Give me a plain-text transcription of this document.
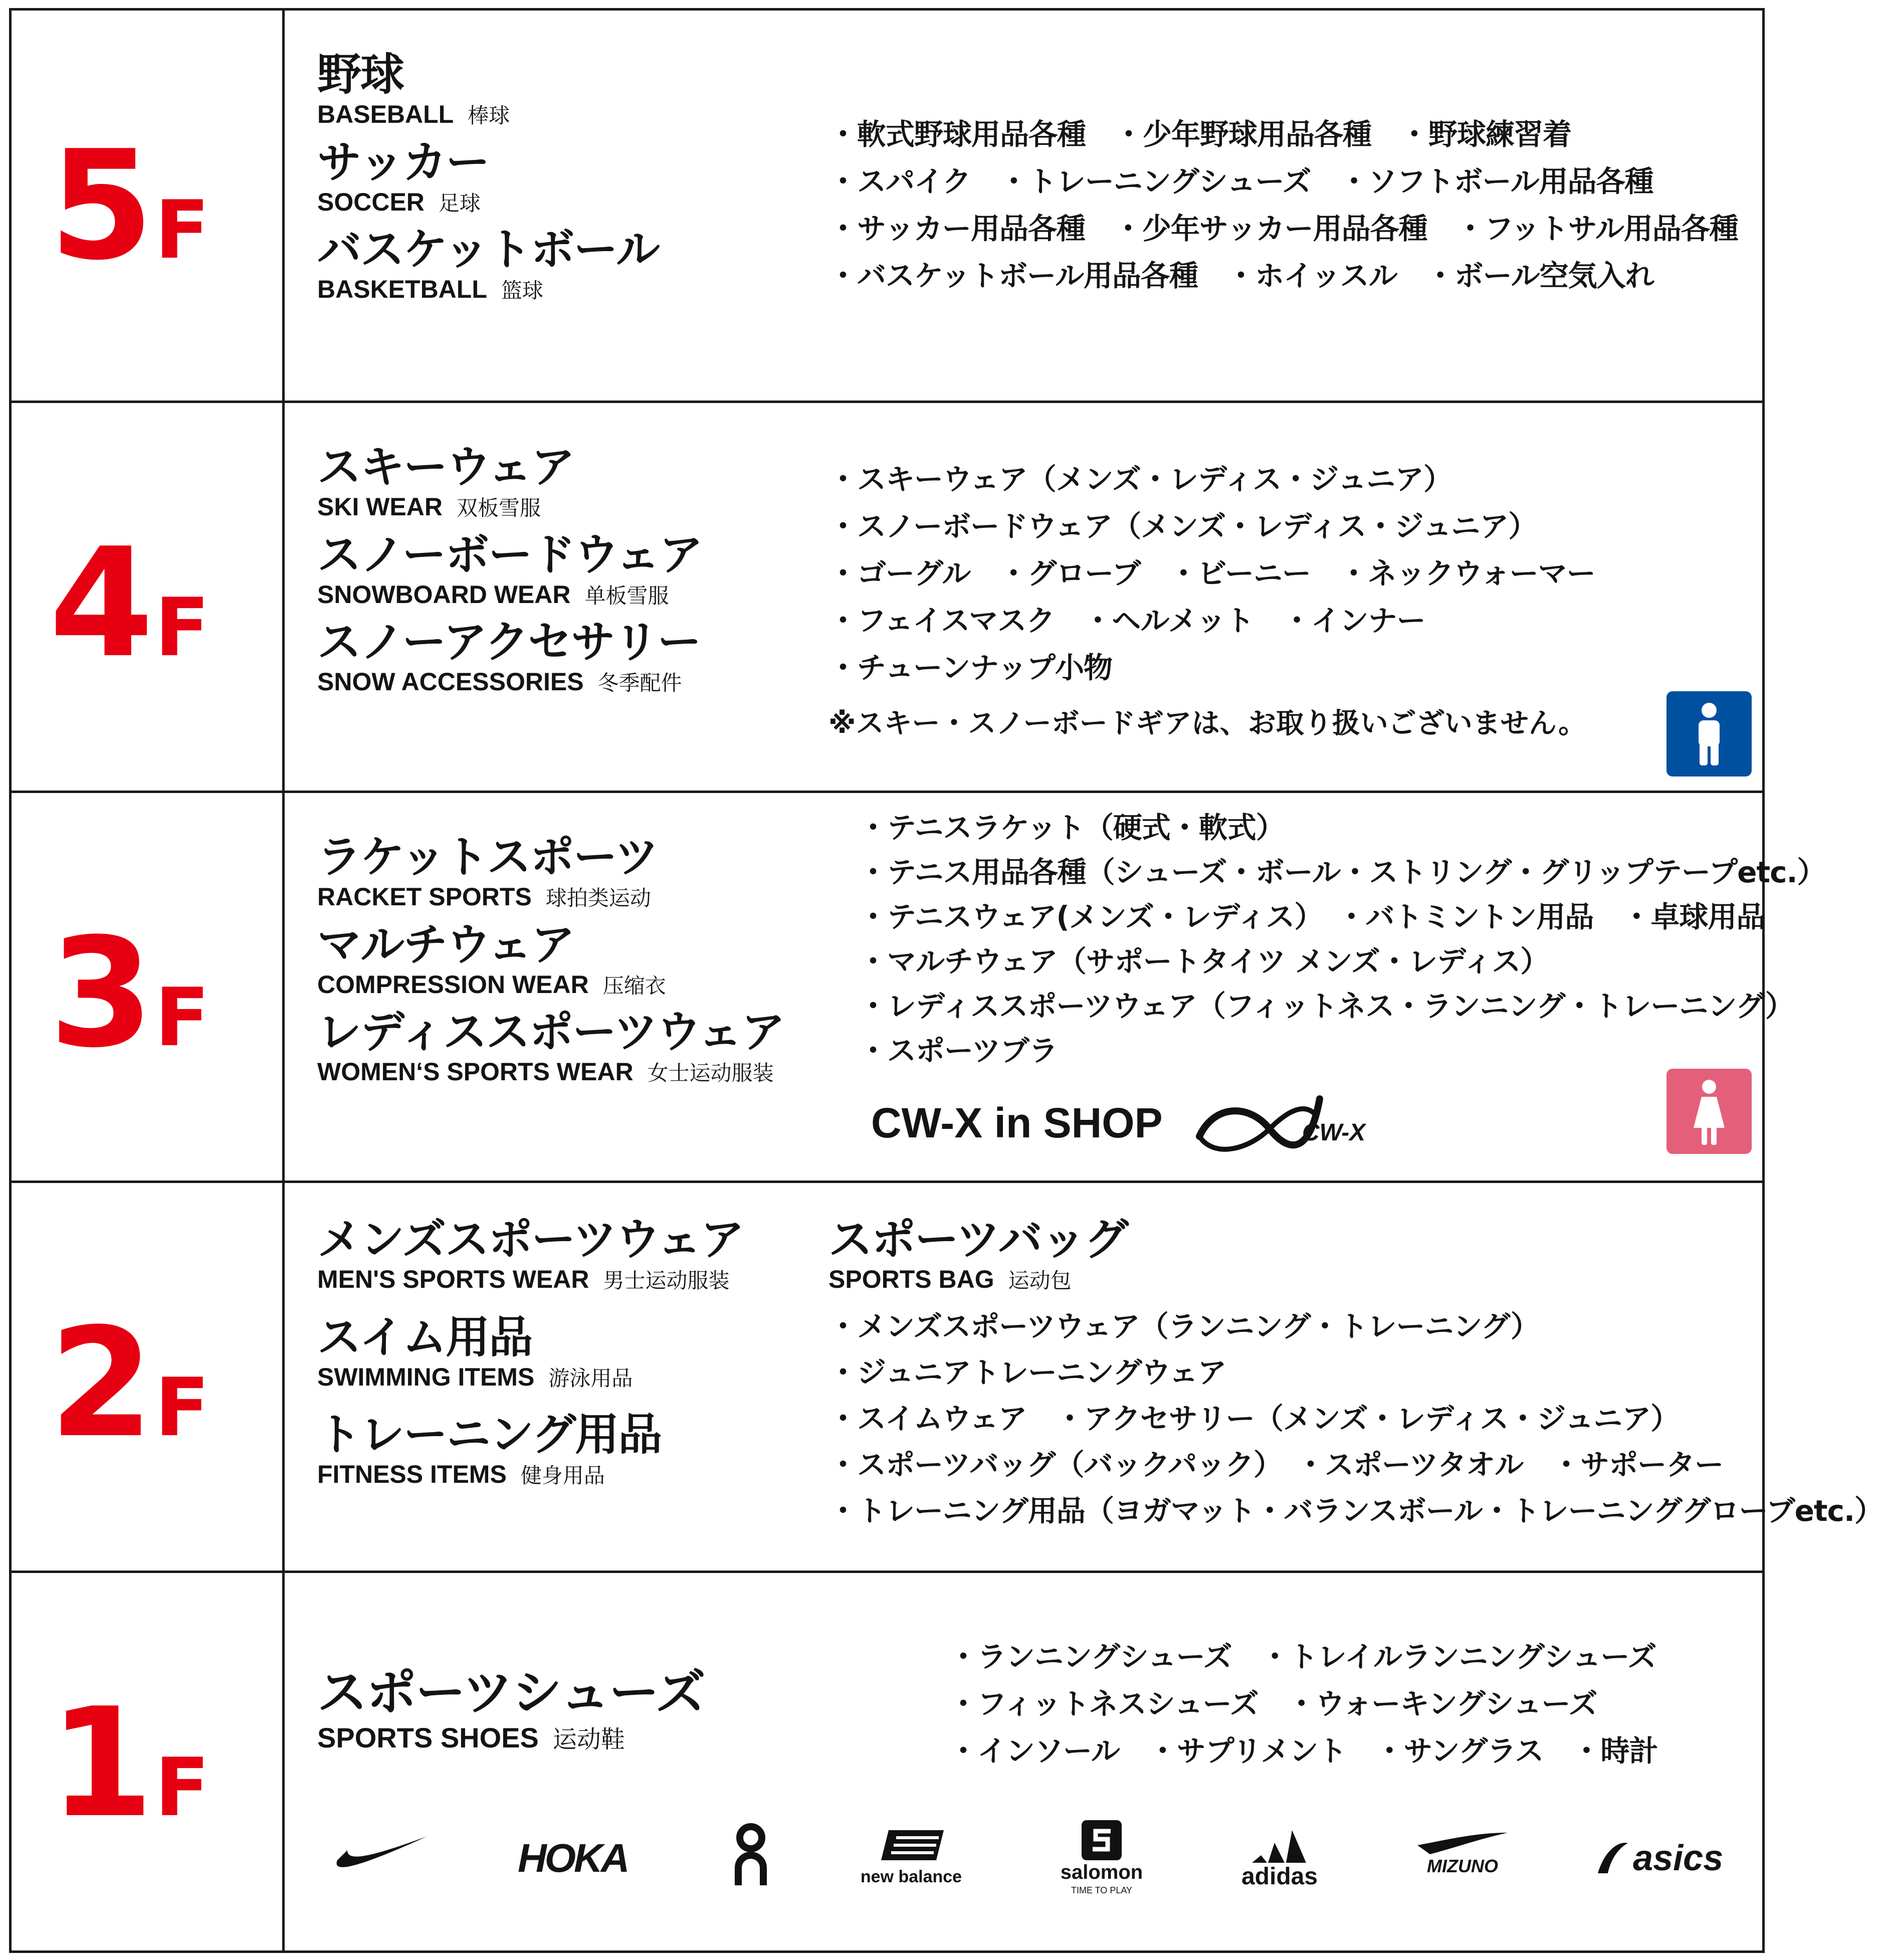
5F
野球
BASEBALL 棒球
サッカー
SOCCER 足球
バスケットボール
BASKETBALL 篮球
・軟式野球用品各種　・少年野球用品各種　・野球練習着
・スパイク　・トレーニングシューズ　・ソフトボール用品各種
・サッカー用品各種　・少年サッカー用品各種　・フットサル用品各種
・バスケットボール用品各種　・ホイッスル　・ボール空気入れ
4F
スキーウェア
SKI WEAR 双板雪服
スノーボードウェア
SNOWBOARD WEAR 单板雪服
スノーアクセサリー
SNOW ACCESSORIES 冬季配件
・スキーウェア（メンズ・レディス・ジュニア）
・スノーボードウェア（メンズ・レディス・ジュニア）
・ゴーグル　・グローブ　・ビーニー　・ネックウォーマー
・フェイスマスク　・ヘルメット　・インナー
・チューンナップ小物
※スキー・スノーボードギアは、お取り扱いございません。
3F
ラケットスポーツ
RACKET SPORTS 球拍类运动
マルチウェア
COMPRESSION WEAR 压缩衣
レディススポーツウェア
WOMEN‘S SPORTS WEAR 女士运动服装
・テニスラケット（硬式・軟式）
・テニス用品各種（シューズ・ボール・ストリング・グリップテープetc.）
・テニスウェア(メンズ・レディス）　・バトミントン用品　・卓球用品
・マルチウェア（サポートタイツ メンズ・レディス）
・レディススポーツウェア（フィットネス・ランニング・トレーニング）
・スポーツブラ
CW-X in SHOP	CW-X
2F
メンズスポーツウェア
MEN'S SPORTS WEAR 男士运动服装
スイム用品
SWIMMING ITEMS 游泳用品
トレーニング用品
FITNESS ITEMS 健身用品
スポーツバッグ
SPORTS BAG 运动包
・メンズスポーツウェア（ランニング・トレーニング）
・ジュニアトレーニングウェア
・スイムウェア　・アクセサリー（メンズ・レディス・ジュニア）
・スポーツバッグ（バックパック）　・スポーツタオル　・サポーター
・トレーニング用品（ヨガマット・バランスボール・トレーニンググローブetc.）
1F
スポーツシューズ
SPORTS SHOES 运动鞋
・ランニングシューズ　・トレイルランニングシューズ
・フィットネスシューズ　・ウォーキングシューズ
・インソール　・サプリメント　・サングラス　・時計
HOKA	new balance	salomon
TIME TO PLAY
adidas	MIZUNO	asics
